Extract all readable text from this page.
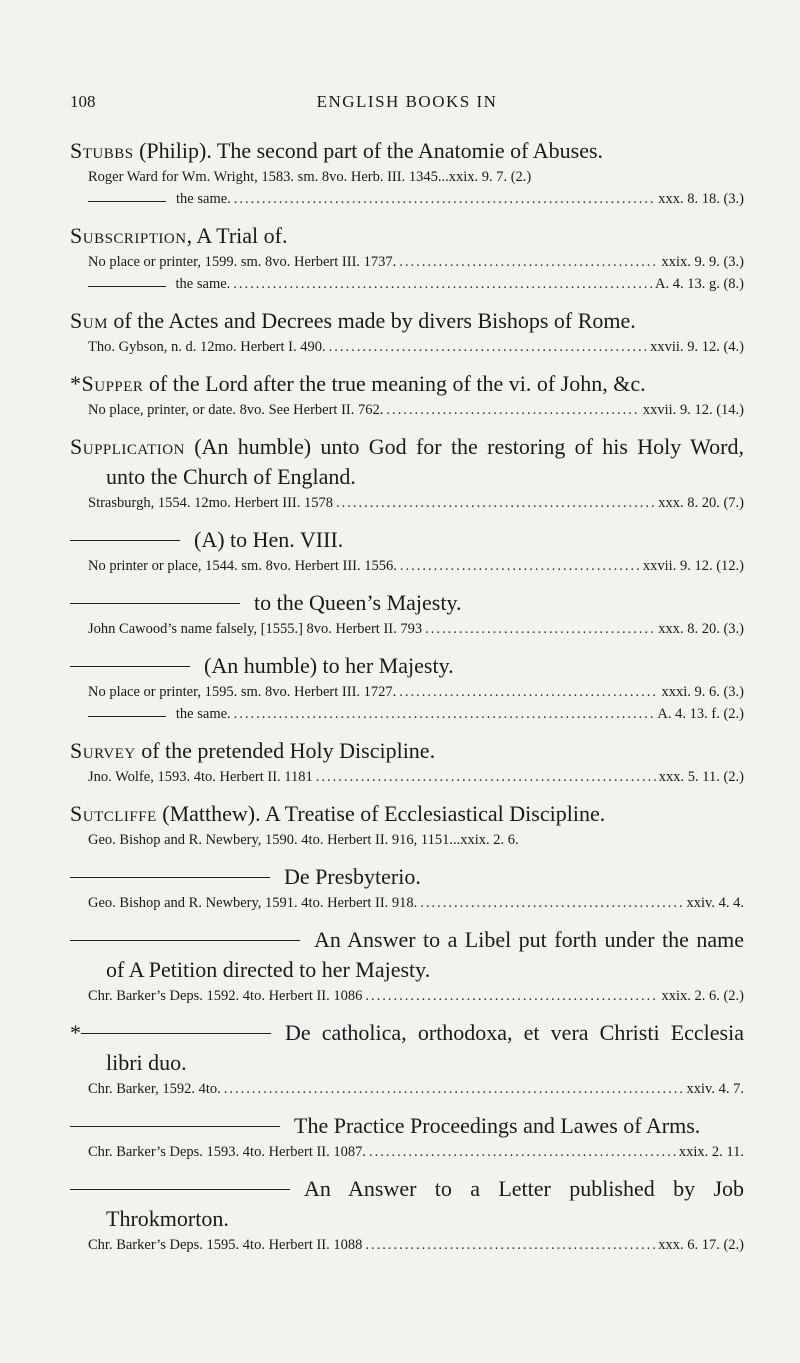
108	ENGLISH BOOKS IN
Stubbs (Philip). The second part of the Anatomie of Abuses.
Roger Ward for Wm. Wright, 1583. sm. 8vo. Herb. III. 1345 ...xxix. 9. 7. (2.)
the same. .....	xxx. 8. 18. (3.)
Subscription, A Trial of.
No place or printer, 1599. sm. 8vo. Herbert III. 1737. .....	xxix. 9. 9. (3.)
the same. .....	A. 4. 13. g. (8.)
Sum of the Actes and Decrees made by divers Bishops of Rome.
Tho. Gybson, n. d. 12mo. Herbert I. 490. .....	xxvii. 9. 12. (4.)
*Supper of the Lord after the true meaning of the vi. of John, &c.
No place, printer, or date. 8vo. See Herbert II. 762. .....	xxvii. 9. 12. (14.)
Supplication (An humble) unto God for the restoring of his Holy Word, unto the Church of England.
Strasburgh, 1554. 12mo. Herbert III. 1578 .....	xxx. 8. 20. (7.)
(A) to Hen. VIII.
No printer or place, 1544. sm. 8vo. Herbert III. 1556. .....	xxvii. 9. 12. (12.)
to the Queen’s Majesty.
John Cawood’s name falsely, [1555.] 8vo. Herbert II. 793 .....	xxx. 8. 20. (3.)
(An humble) to her Majesty.
No place or printer, 1595. sm. 8vo. Herbert III. 1727. .....	xxxi. 9. 6. (3.)
the same. .....	A. 4. 13. f. (2.)
Survey of the pretended Holy Discipline.
Jno. Wolfe, 1593. 4to. Herbert II. 1181 .....	xxx. 5. 11. (2.)
Sutcliffe (Matthew). A Treatise of Ecclesiastical Discipline.
Geo. Bishop and R. Newbery, 1590. 4to. Herbert II. 916, 1151 ...xxix. 2. 6.
De Presbyterio.
Geo. Bishop and R. Newbery, 1591. 4to. Herbert II. 918. .....	xxiv. 4. 4.
An Answer to a Libel put forth under the name of A Petition directed to her Majesty.
Chr. Barker’s Deps. 1592. 4to. Herbert II. 1086 .....	xxix. 2. 6. (2.)
*	De catholica, orthodoxa, et vera Christi Ecclesia libri duo.
Chr. Barker, 1592. 4to. .....	xxiv. 4. 7.
The Practice Proceedings and Lawes of Arms.
Chr. Barker’s Deps. 1593. 4to. Herbert II. 1087. .....	xxix. 2. 11.
An Answer to a Letter published by Job Throkmorton.
Chr. Barker’s Deps. 1595. 4to. Herbert II. 1088 .....	xxx. 6. 17. (2.)
